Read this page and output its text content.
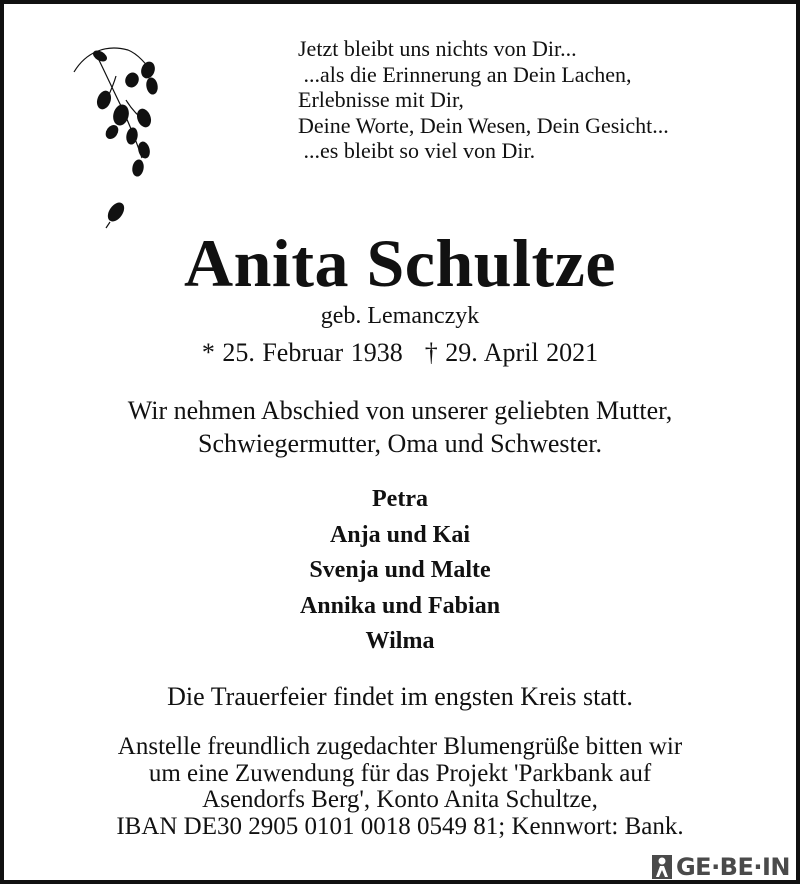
Jetzt bleibt uns nichts von Dir...
...als die Erinnerung an Dein Lachen,
Erlebnisse mit Dir,
Deine Worte, Dein Wesen, Dein Gesicht...
...es bleibt so viel von Dir.
Anita Schultze
geb. Lemanczyk
* 25. Februar 1938 † 29. April 2021
Wir nehmen Abschied von unserer geliebten Mutter,
Schwiegermutter, Oma und Schwester.
Petra
Anja und Kai
Svenja und Malte
Annika und Fabian
Wilma
Die Trauerfeier findet im engsten Kreis statt.
Anstelle freundlich zugedachter Blumengrüße bitten wir
um eine Zuwendung für das Projekt 'Parkbank auf
Asendorfs Berg', Konto Anita Schultze,
IBAN DE30 2905 0101 0018 0549 81; Kennwort: Bank.
GE·BE·IN
